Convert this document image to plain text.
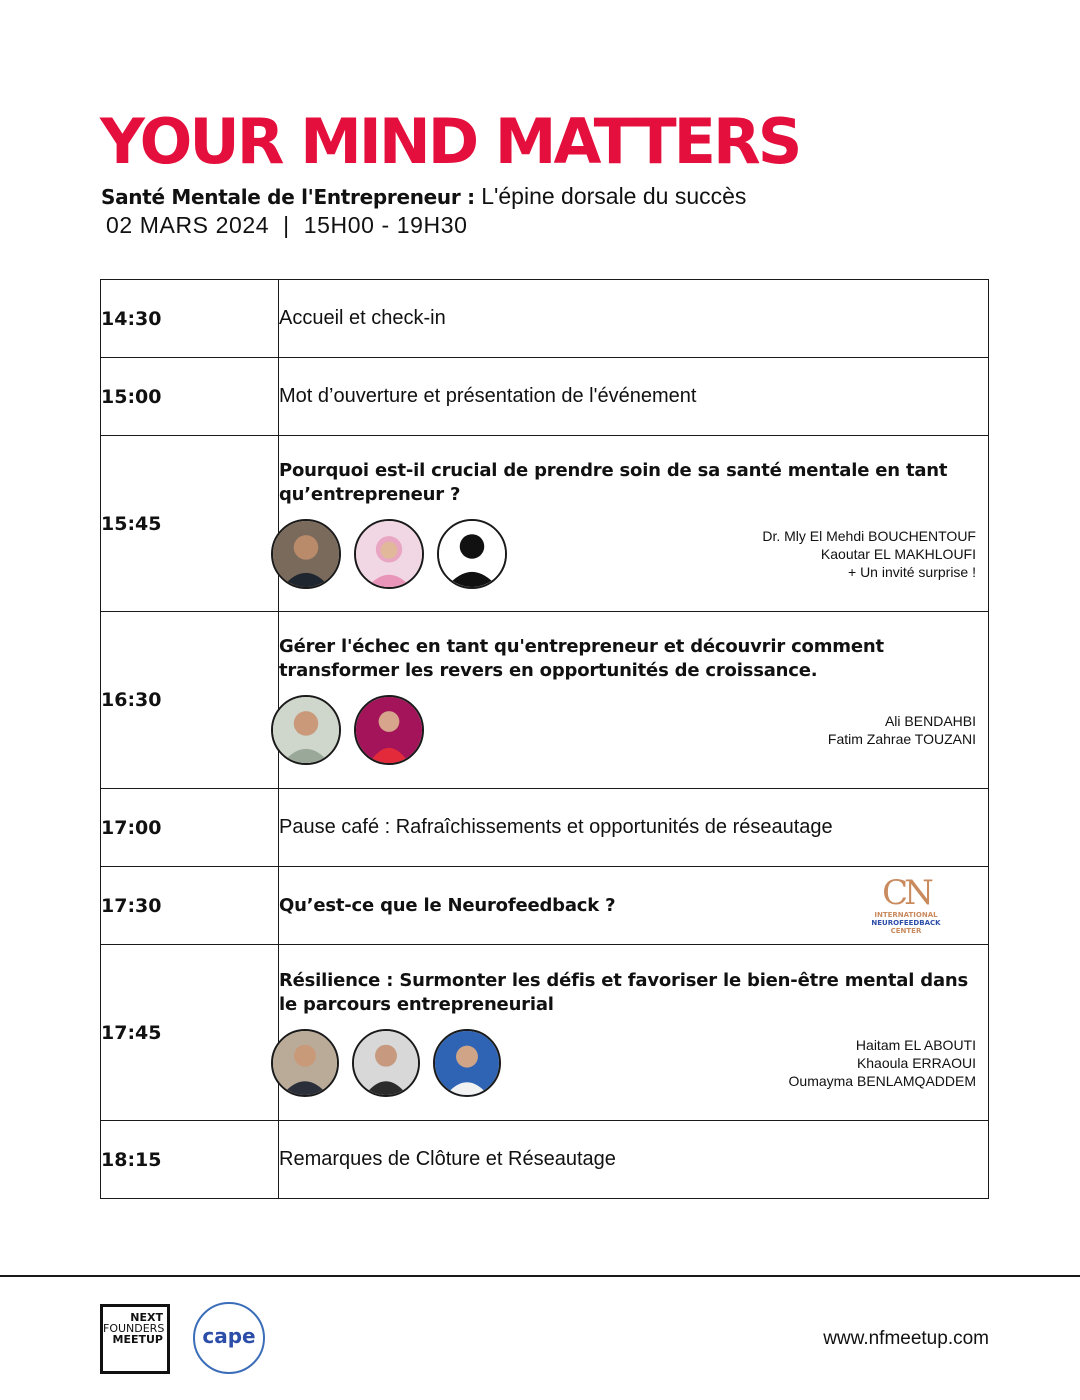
YOUR MIND MATTERS
Santé Mentale de l'Entrepreneur : L'épine dorsale du succès
02 MARS 2024  |  15H00 - 19H30
14:30	Accueil et check-in

15:00	Mot d’ouverture et présentation de l'événement

15:45	Pourquoi est-il crucial de prendre soin de sa santé mentale en tant qu’entrepreneur ?
Dr. Mly El Mehdi BOUCHENTOUF
Kaoutar EL MAKHLOUFI
+ Un invité surprise !

16:30	Gérer l'échec en tant qu'entrepreneur et découvrir comment transformer les revers en opportunités de croissance.
Ali BENDAHBI
Fatim Zahrae TOUZANI

17:00	Pause café : Rafraîchissements et opportunités de réseautage

17:30	Qu’est-ce que le Neurofeedback ? CN
INTERNATIONAL
NEUROFEEDBACK
CENTER

17:45	Résilience : Surmonter les défis et favoriser le bien-être mental dans le parcours entrepreneurial
Haitam EL ABOUTI
Khaoula ERRAOUI
Oumayma BENLAMQADDEM

18:15	Remarques de Clôture et Réseautage
NEXT
FOUNDERS
MEETUP	cape	www.nfmeetup.com
